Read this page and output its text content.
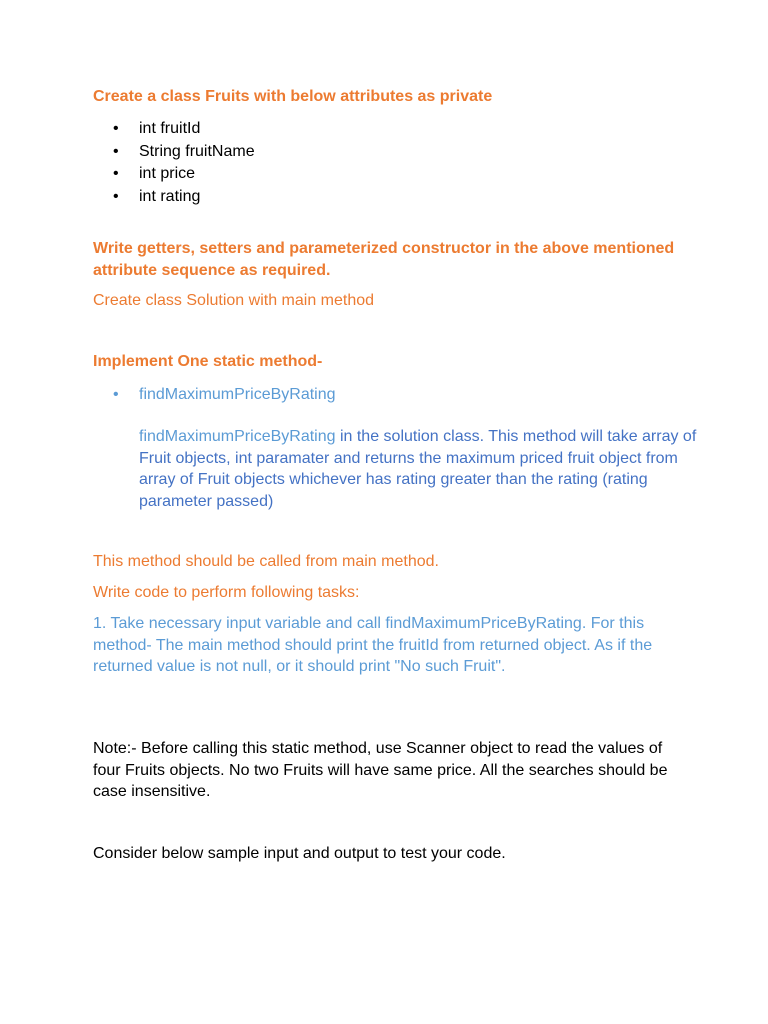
Create a class Fruits with below attributes as private

• int fruitId
• String fruitName
• int price
• int rating

Write getters, setters and parameterized constructor in the above mentioned attribute sequence as required.

Create class Solution with main method

Implement One static method-

• findMaximumPriceByRating

findMaximumPriceByRating in the solution class. This method will take array of Fruit objects, int paramater and returns the maximum priced fruit object from array of Fruit objects whichever has rating greater than the rating (rating parameter passed)

This method should be called from main method.

Write code to perform following tasks:

1. Take necessary input variable and call findMaximumPriceByRating. For this method- The main method should print the fruitId from returned object. As if the returned value is not null, or it should print "No such Fruit".

Note:- Before calling this static method, use Scanner object to read the values of four Fruits objects. No two Fruits will have same price. All the searches should be case insensitive.

Consider below sample input and output to test your code.
